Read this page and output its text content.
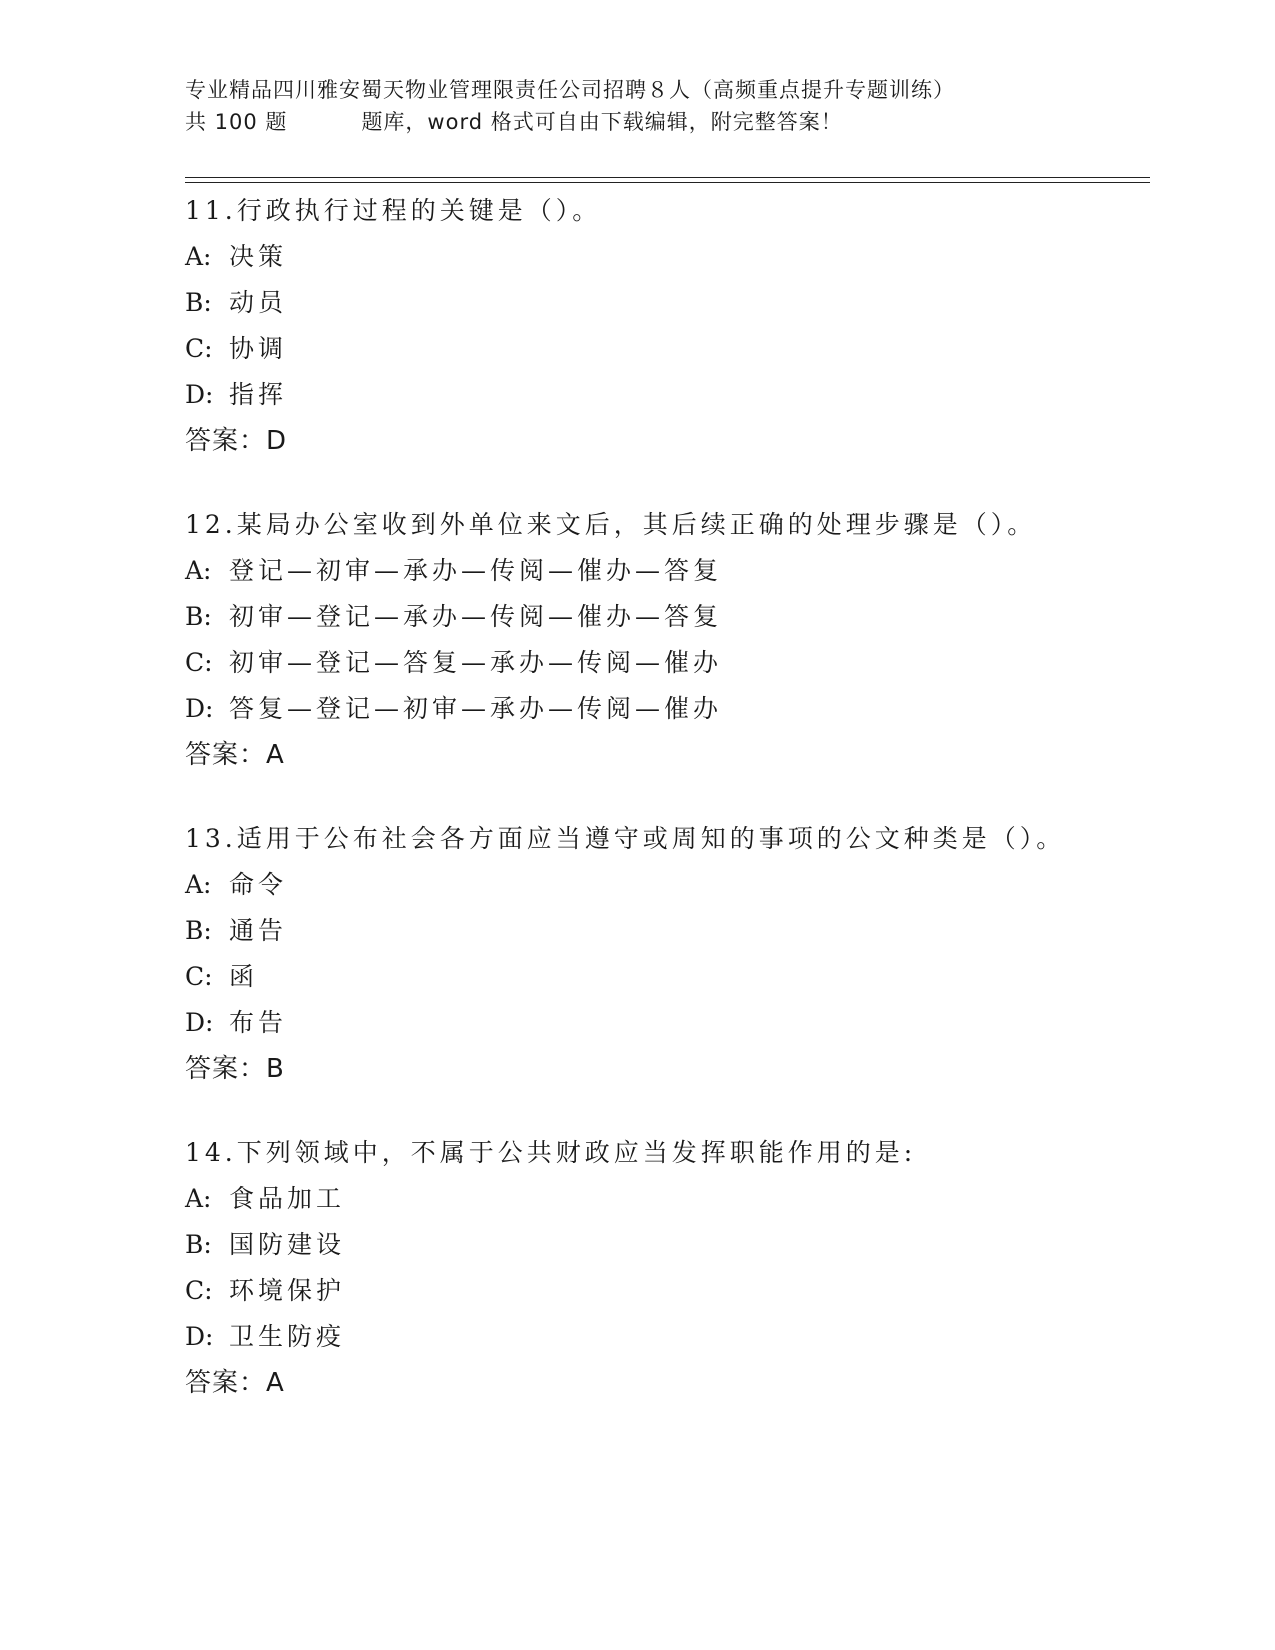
专业精品四川雅安蜀天物业管理限责任公司招聘８人（高频重点提升专题训练）
共 100 题	题库，word 格式可自由下载编辑，附完整答案！
11.行政执行过程的关键是（）。
A: 决策
B: 动员
C: 协调
D: 指挥
答案：D
12.某局办公室收到外单位来文后，其后续正确的处理步骤是（）。
A: 登记—初审—承办—传阅—催办—答复
B: 初审—登记—承办—传阅—催办—答复
C: 初审—登记—答复—承办—传阅—催办
D: 答复—登记—初审—承办—传阅—催办
答案：A
13.适用于公布社会各方面应当遵守或周知的事项的公文种类是（）。
A: 命令
B: 通告
C: 函
D: 布告
答案：B
14.下列领域中，不属于公共财政应当发挥职能作用的是:
A: 食品加工
B: 国防建设
C: 环境保护
D: 卫生防疫
答案：A
